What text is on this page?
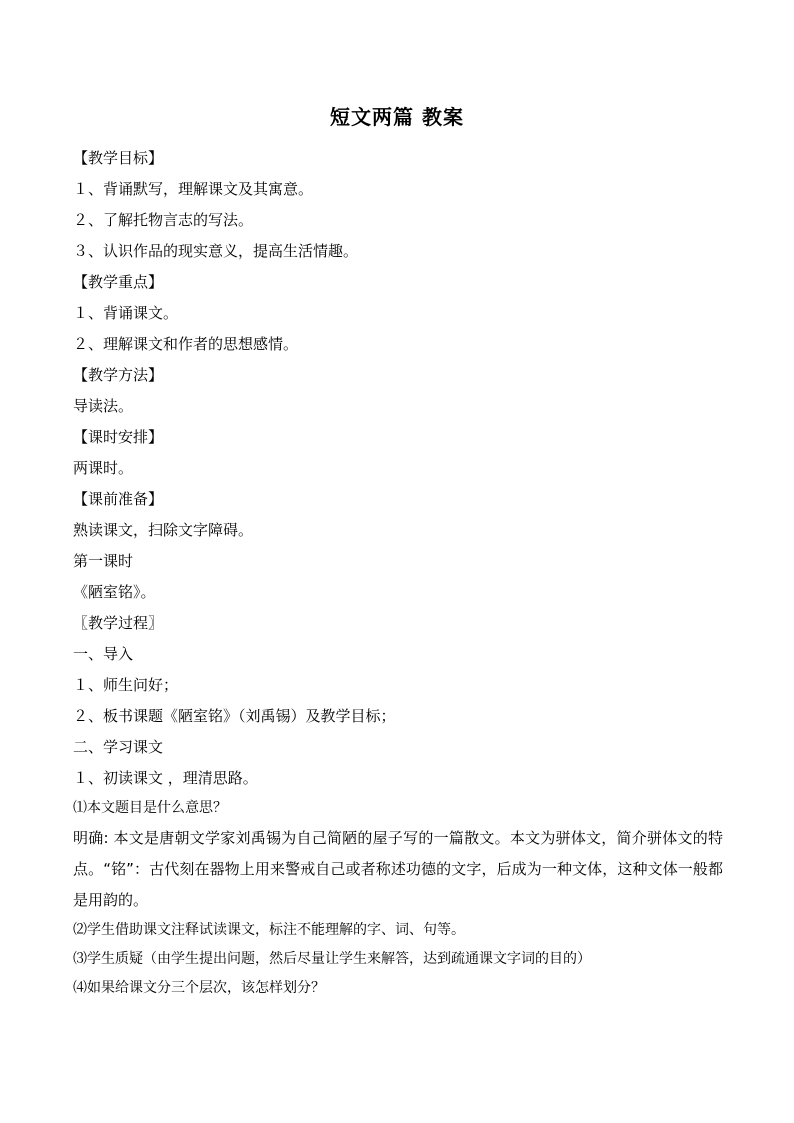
短文两篇 教案
【教学目标】
１、背诵默写，理解课文及其寓意。
２、了解托物言志的写法。
３、认识作品的现实意义，提高生活情趣。
【教学重点】
１、背诵课文。
２、理解课文和作者的思想感情。
【教学方法】
导读法。
【课时安排】
两课时。
【课前准备】
熟读课文，扫除文字障碍。
第一课时
《陋室铭》。
〖教学过程〗
一、导入
１、师生问好；
２、板书课题《陋室铭》（刘禹锡）及教学目标；
二、学习课文
１、初读课文 ，理清思路。
⑴本文题目是什么意思？
明确: 本文是唐朝文学家刘禹锡为自己简陋的屋子写的一篇散文。本文为骈体文，简介骈体文的特点。“铭”：古代刻在器物上用来警戒自己或者称述功德的文字，后成为一种文体，这种文体一般都是用韵的。
⑵学生借助课文注释试读课文，标注不能理解的字、词、句等。
⑶学生质疑（由学生提出问题，然后尽量让学生来解答，达到疏通课文字词的目的）
⑷如果给课文分三个层次，该怎样划分？
